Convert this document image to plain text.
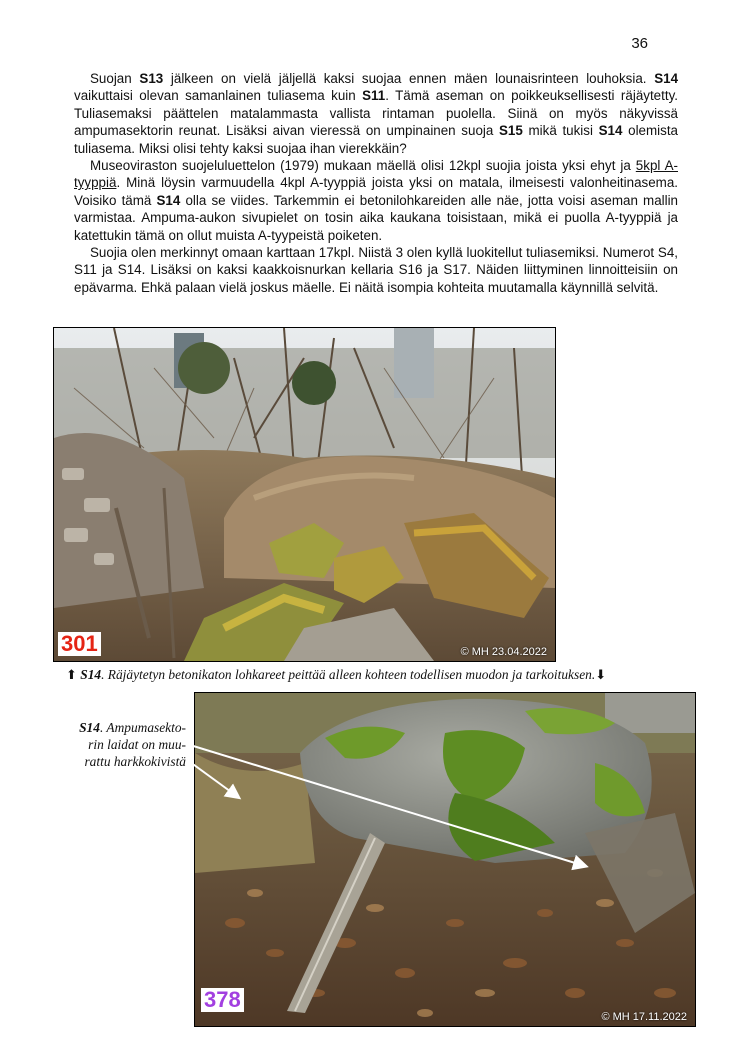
36

Suojan S13 jälkeen on vielä jäljellä kaksi suojaa ennen mäen lounaisrinteen louhoksia. S14 vaikuttaisi olevan samanlainen tuliasema kuin S11. Tämä aseman on poikkeuksellisesti räjäytetty. Tuliasemaksi päättelen matalammasta vallista rintaman puolella. Siinä on myös näkyvissä ampumasektorin reunat. Lisäksi aivan vieressä on umpinainen suoja S15 mikä tukisi S14 olemista tuliasema. Miksi olisi tehty kaksi suojaa ihan vierekkäin?

Museoviraston suojeluluettelon (1979) mukaan mäellä olisi 12kpl suojia joista yksi ehyt ja 5kpl A-tyyppiä. Minä löysin varmuudella 4kpl A-tyyppiä joista yksi on matala, ilmeisesti valonheitinasema. Voisiko tämä S14 olla se viides. Tarkemmin ei betonilohkareiden alle näe, jotta voisi aseman mallin varmistaa. Ampuma-aukon sivupielet on tosin aika kaukana toisistaan, mikä ei puolla A-tyyppiä ja katettukin tämä on ollut muista A-tyypeistä poiketen.

Suojia olen merkinnyt omaan karttaan 17kpl. Niistä 3 olen kyllä luokitellut tuliasemiksi. Numerot S4, S11 ja S14. Lisäksi on kaksi kaakkoisnurkan kellaria S16 ja S17. Näiden liittyminen linnoitteisiin on epävarma. Ehkä palaan vielä joskus mäelle. Ei näitä isompia kohteita muutamalla käynnillä selvitä.

301	© MH 23.04.2022
⬆ S14. Räjäytetyn betonikaton lohkareet peittää alleen kohteen todellisen muodon ja tarkoituksen.⬇
S14. Ampumasekto-
rin laidat on muu-
rattu harkkokivistä
378
© MH 17.11.2022
